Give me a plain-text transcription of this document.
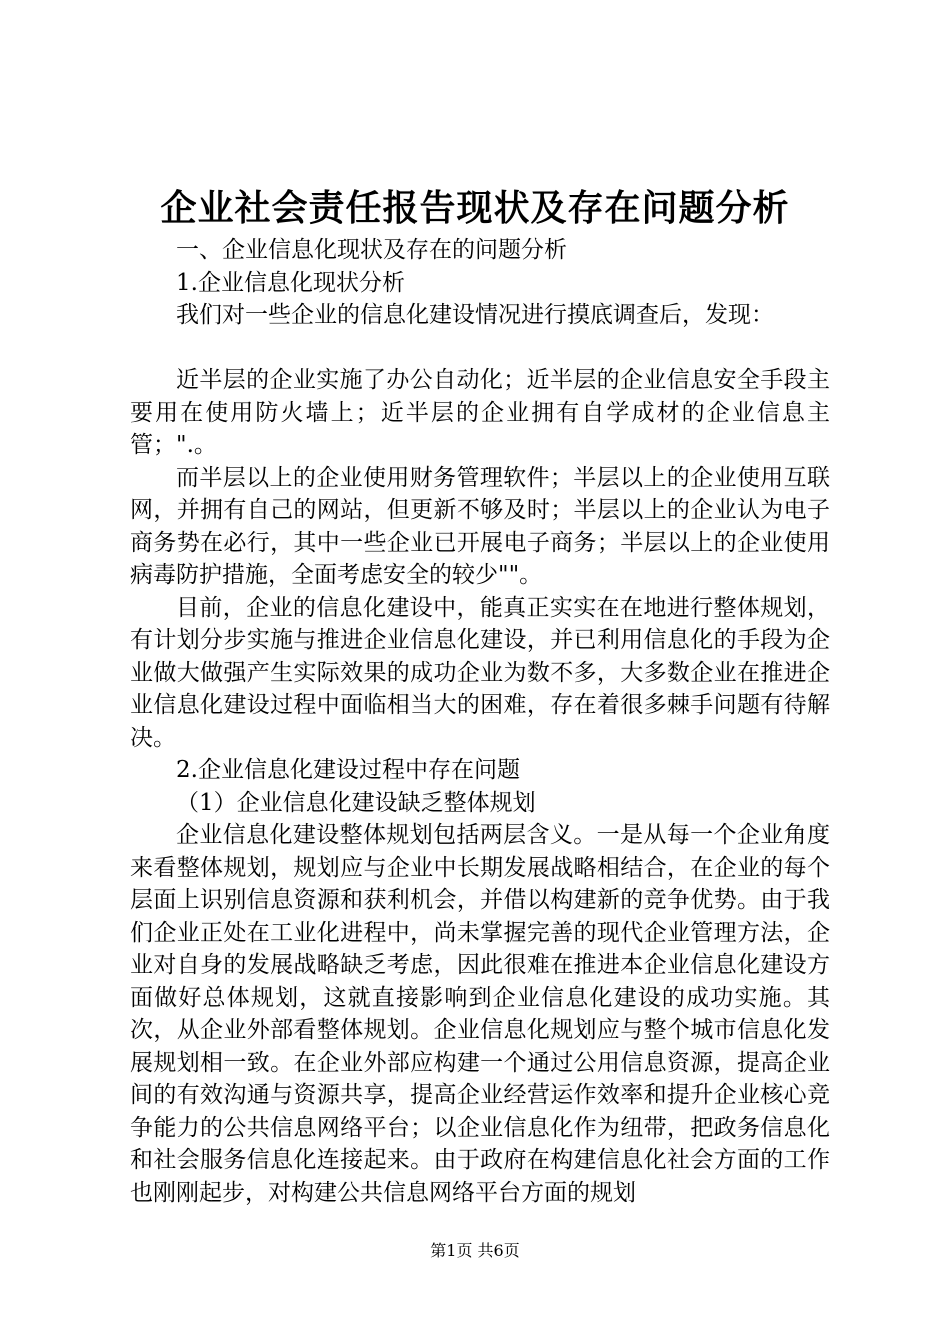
企业社会责任报告现状及存在问题分析

一、企业信息化现状及存在的问题分析

1.企业信息化现状分析

我们对一些企业的信息化建设情况进行摸底调查后，发现：

近半层的企业实施了办公自动化；近半层的企业信息安全手段主要用在使用防火墙上；近半层的企业拥有自学成材的企业信息主管；".。

而半层以上的企业使用财务管理软件；半层以上的企业使用互联网，并拥有自己的网站，但更新不够及时；半层以上的企业认为电子商务势在必行，其中一些企业已开展电子商务；半层以上的企业使用病毒防护措施，全面考虑安全的较少""。

目前，企业的信息化建设中，能真正实实在在地进行整体规划，有计划分步实施与推进企业信息化建设，并已利用信息化的手段为企业做大做强产生实际效果的成功企业为数不多，大多数企业在推进企业信息化建设过程中面临相当大的困难，存在着很多棘手问题有待解决。

2.企业信息化建设过程中存在问题

（1）企业信息化建设缺乏整体规划

企业信息化建设整体规划包括两层含义。一是从每一个企业角度来看整体规划，规划应与企业中长期发展战略相结合，在企业的每个层面上识别信息资源和获利机会，并借以构建新的竞争优势。由于我们企业正处在工业化进程中，尚未掌握完善的现代企业管理方法，企业对自身的发展战略缺乏考虑，因此很难在推进本企业信息化建设方面做好总体规划，这就直接影响到企业信息化建设的成功实施。其次，从企业外部看整体规划。企业信息化规划应与整个城市信息化发展规划相一致。在企业外部应构建一个通过公用信息资源，提高企业间的有效沟通与资源共享，提高企业经营运作效率和提升企业核心竞争能力的公共信息网络平台；以企业信息化作为纽带，把政务信息化和社会服务信息化连接起来。由于政府在构建信息化社会方面的工作也刚刚起步，对构建公共信息网络平台方面的规划

第1页 共6页
